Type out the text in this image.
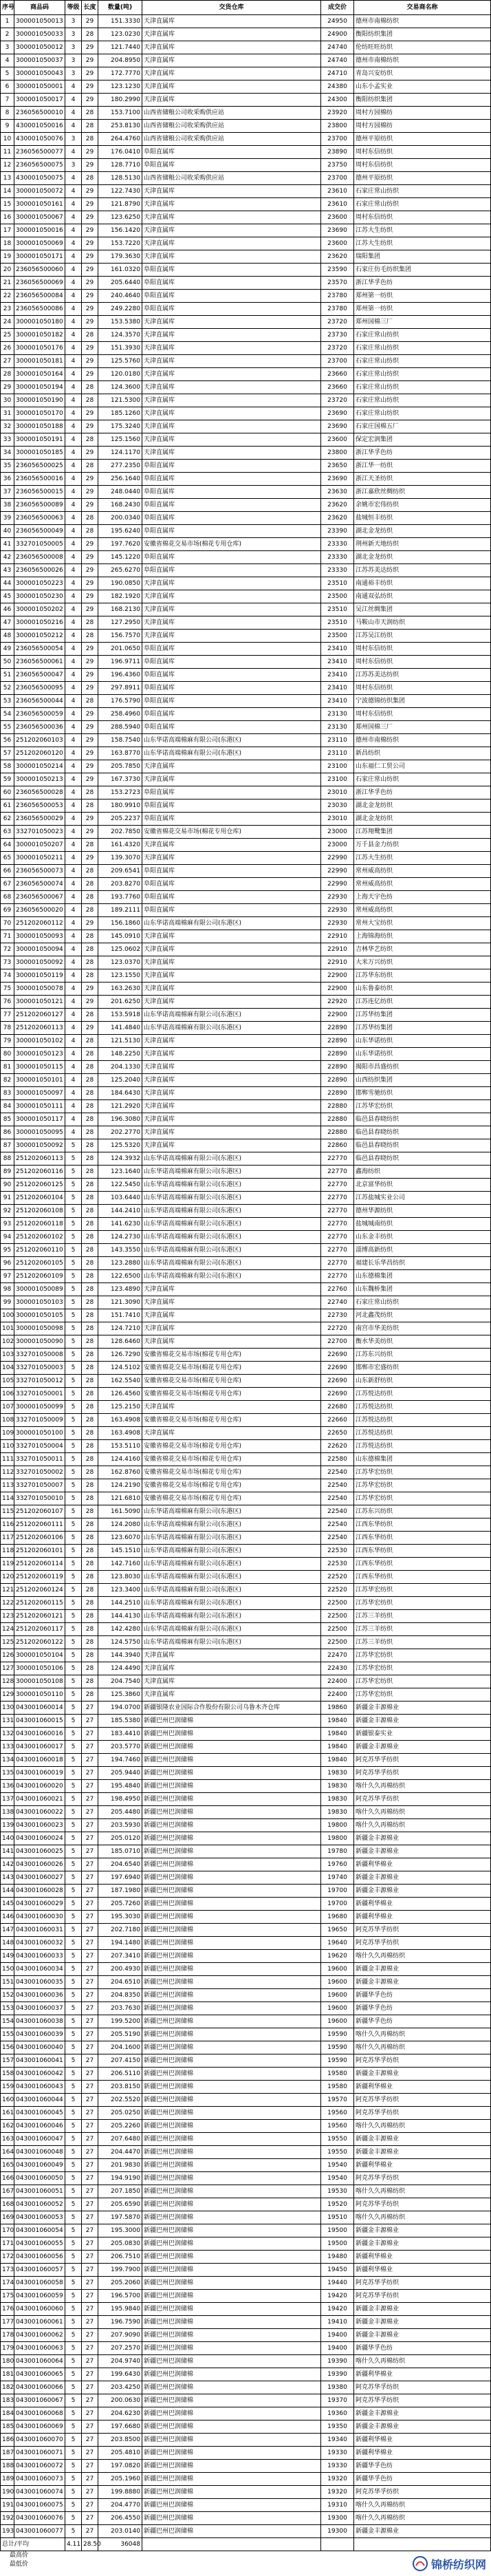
序号	商品码	等级	长度	数量(吨)	交货仓库	成交价	交易商名称
1	300001050013	3	29	151.3330	天津直属库	24950	德州市南棉纺织
2	300001050033	3	28	123.0230	天津直属库	24900	衡阳纺织集团
3	300001050012	3	29	121.7440	天津直属库	24740	伦纺旺旺纺织
4	300001050037	3	29	204.8950	天津直属库	24740	德州市南棉纺织
5	300001050043	3	29	172.7770	天津直属库	24710	青岛兴安纺织
6	300001050001	4	29	123.1230	天津直属库	24380	山东小孟实业
7	300001050017	4	29	180.2990	天津直属库	24300	衡阳纺织集团
8	236056500010	4	28	153.7100	山西省储粮公司收采购供应站	23920	周村方园棉纺
9	430001050016	4	28	253.8130	山西省储粮公司收采购供应站	23800	周村方园棉纺
10	430001050076	3	28	264.4760	山西省储粮公司收采购供应站	23700	德州平原纺织
11	236056500077	4	29	176.0410	阜阳直属库	23890	周村东信纺织
12	236056500075	3	29	128.7710	阜阳直属库	23750	周村东信纺织
13	430001050075	4	28	128.5130	山西省储粮公司收采购供应站	23700	德州平原纺织
14	300001050072	4	29	122.7430	天津直属库	23610	石家庄常山纺织
15	300001050161	4	29	121.8790	天津直属库	23610	石家庄常山纺织
16	300001050067	4	29	123.6250	天津直属库	23600	周村东信纺织
17	300001050016	4	29	156.1420	天津直属库	23690	江苏大生纺织
18	300001050069	4	29	153.7220	天津直属库	23600	江苏大生纺织
19	300001050171	4	29	179.3630	天津直属库	23620	瑞阳集团
20	236056500060	4	29	161.0320	阜阳直属库	23590	石家庄仿毛纺织集团
21	236056500069	4	29	205.6440	阜阳直属库	23570	浙江华孚色纺
22	236056500084	4	29	240.4640	阜阳直属库	23780	郑州第一纺织
23	236056500086	4	29	249.2280	阜阳直属库	23780	郑州第一纺织
24	300001050180	4	29	153.5380	天津直属库	23720	郑州国棉三厂
25	300001050182	4	28	124.3570	天津直属库	23730	石家庄常山纺织
26	300001050176	4	29	151.3930	天津直属库	23720	石家庄常山纺织
27	300001050181	4	29	125.5760	天津直属库	23700	石家庄常山纺织
28	300001050164	4	29	120.0180	天津直属库	23660	石家庄常山纺织
29	300001050194	4	28	124.3600	天津直属库	23660	石家庄常山纺织
30	300001050190	4	28	121.5300	天津直属库	23720	石家庄常山纺织
31	300001050170	4	29	185.1260	天津直属库	23690	石家庄常山纺织
32	300001050188	4	29	175.3240	天津直属库	23690	石家庄国棉五厂
33	300001050191	4	28	125.1560	天津直属库	23600	保定宏润集团
34	300001050185	4	29	124.1170	天津直属库	23800	浙江华孚色纺
35	236056500025	4	28	277.2350	阜阳直属库	23650	浙江华一纺织
36	236056500016	4	29	256.1640	阜阳直属库	23690	浙江天圣纺织
37	236056500015	4	29	248.0440	阜阳直属库	23630	浙江嘉欣丝绸纺织
38	236056500089	4	29	168.2430	阜阳直属库	23620	余姚市宏伟纺织
39	236056500063	4	28	200.0340	阜阳直属库	23620	盐城恒丰纺织
40	236056500049	4	28	195.6240	阜阳直属库	23390	湖北金龙纺织
41	332701050005	4	29	197.7620	安徽省棉花交易市场(棉花专用仓库)	23330	荆州新天地纺织
42	236056500008	4	29	145.1220	阜阳直属库	23330	湖北金龙纺织
43	236056500026	4	29	265.6270	阜阳直属库	23330	江苏苏美达纺织
44	300001050223	4	29	190.0850	天津直属库	23510	南通裕丰纺织
45	300001050230	4	29	182.1920	天津直属库	23500	南通双弘纺织
46	300001050202	4	29	168.2130	天津直属库	23510	吴江丝绸集团
47	300001050216	4	28	127.2950	天津直属库	23510	马鞍山市天润纺织
48	300001050212	4	28	156.7570	天津直属库	23500	江苏吴江纺织
49	236056500054	4	29	201.0650	阜阳直属库	23410	周村东信纺织
50	236056500061	4	29	196.9711	阜阳直属库	23410	周村东信纺织
51	236056500047	4	29	196.4360	阜阳直属库	23410	江苏苏美达纺织
52	236056500095	4	29	297.8911	阜阳直属库	23410	周村东信纺织
53	236056500044	4	28	176.5790	阜阳直属库	23410	宁波德锦纺织集团
54	236056500059	4	29	258.4960	阜阳直属库	23130	周村东信纺织
55	236056500036	4	29	288.5940	阜阳直属库	23130	郑州国棉三厂
56	251202060103	4	29	158.7540	山东华诺高端棉麻有限公司(东港区)	23110	德州市南棉纺织
57	251202060120	4	29	163.8770	山东华诺高端棉麻有限公司(东港区)	23110	新昌纺织
58	300001050214	4	29	205.7850	天津直属库	23100	山东福仁工贸公司
59	300001050213	4	29	167.3730	天津直属库	23100	石家庄常山纺织
60	236056500028	4	28	153.2723	阜阳直属库	23010	浙江华孚色纺
61	236056500053	4	28	180.9910	阜阳直属库	23030	湖北金龙纺织
62	236056500029	4	29	205.2237	阜阳直属库	23010	湖北金龙纺织
63	332701050023	4	29	202.7850	安徽省棉花交易市场(棉花专用仓库)	23000	江苏翔鹭集团
64	300001050207	4	28	161.4320	天津直属库	23000	万千县金力纺织
65	300001050211	4	29	139.3070	天津直属库	22990	江苏大生纺织
66	236056500073	4	28	209.6541	阜阳直属库	22990	常州威高纺织
67	236056500074	4	28	203.8270	阜阳直属库	22990	常州威高纺织
68	236056500067	4	28	193.7760	阜阳直属库	22930	上海天宇色纺
69	236056500020	4	28	189.2111	阜阳直属库	22930	常州威高纺织
70	251202060112	4	29	156.1860	山东华诺高端棉麻有限公司(东港区)	22930	常州大宝纺织
71	300001050093	4	28	145.0910	天津直属库	22910	上海锦海纺织
72	300001050094	4	28	125.0602	天津直属库	22910	吉林华艺纺织
73	300001050092	4	28	123.0370	天津直属库	22910	大米万兴纺织
74	300001050119	4	28	123.1550	天津直属库	22900	江苏华东纺织
75	300001050078	4	29	163.2630	天津直属库	22900	山东鲁泰纺织
76	300001050121	4	29	201.6250	天津直属库	22920	江苏连亿纺织
77	251202060127	4	28	153.5918	山东华诺高端棉麻有限公司(东港区)	22900	江苏华纺集团
78	251202060113	4	29	141.4840	山东华诺高端棉麻有限公司(东港区)	22890	江苏华纺集团
79	300001050102	4	28	121.5130	天津直属库	22890	山东华诺纺织
80	300001050123	4	28	148.2250	天津直属库	22890	山东华诺纺织
81	300001050115	4	28	204.1330	天津直属库	22890	揭阳市昌盛纺织
82	300001050101	4	28	125.2040	天津直属库	22890	山西纺织集团
83	300001050097	4	28	184.6430	天津直属库	22890	邯郸雪驰纺织
84	300001050111	4	28	121.2920	天津直属库	22880	江苏华宏纺织
85	300001050117	4	28	196.3080	天津直属库	22880	临邑县春晓纺织
86	300001050095	4	28	202.2770	天津直属库	22880	临邑县春晓纺织
87	300001050092	5	28	125.5320	天津直属库	22860	临邑县春晓纺织
88	251202060113	5	28	124.3932	山东华诺高端棉麻有限公司(东港区)	22770	临邑县春晓纺织
89	251202060116	5	28	123.1640	山东华诺高端棉麻有限公司(东港区)	22770	鑫海纺织
90	251202060125	5	28	122.5450	山东华诺高端棉麻有限公司(东港区)	22770	北京富华纺织
91	251202060104	5	28	103.6440	山东华诺高端棉麻有限公司(东港区)	22770	江苏盐城实业公司
92	251202060108	5	28	144.2410	山东华诺高端棉麻有限公司(东港区)	22770	德州华源纺织
93	251202060118	5	28	141.6230	山东华诺高端棉麻有限公司(东港区)	22770	盐城城南纺织
94	251202060102	5	28	124.2730	山东华诺高端棉麻有限公司(东港区)	22770	山东金丰纺织
95	251202060110	5	28	143.3550	山东华诺高端棉麻有限公司(东港区)	22770	淄博高新纺织
96	251202060105	5	28	123.2880	山东华诺高端棉麻有限公司(东港区)	22770	福建长乐华昌纺织
97	251202060109	5	28	122.6500	山东华诺高端棉麻有限公司(东港区)	22770	山东德棉集团
98	300001050089	5	28	123.4890	天津直属库	22760	山东魏桥集团
99	300001050103	5	28	121.3090	天津直属库	22740	石家庄常山纺织
100	300001050105	5	28	151.7410	天津直属库	22730	河北鑫茂纺织
101	300001050098	5	28	124.7210	天津直属库	22720	南宫市华美纺织
102	300001050090	5	28	128.6460	天津直属库	22700	衡水华美纺织
103	332701050008	5	28	126.7290	安徽省棉花交易市场(棉花专用仓库)	22690	江苏东兴纺织
104	332701050003	5	28	124.5102	安徽省棉花交易市场(棉花专用仓库)	22690	邯郸市宏盛纺织
105	332701050012	5	28	162.5540	安徽省棉花交易市场(棉花专用仓库)	22690	山东新舒纺织
106	332701050001	5	28	126.4560	安徽省棉花交易市场(棉花专用仓库)	22690	江苏悦达纺织
107	300001050099	5	28	125.2150	天津直属库	22680	江苏悦达纺织
108	332701050009	5	28	163.4908	安徽省棉花交易市场(棉花专用仓库)	22660	江苏悦达纺织
109	300001050100	5	28	163.4908	天津直属库	22650	江苏悦达纺织
110	332701050004	5	28	153.5110	安徽省棉花交易市场(棉花专用仓库)	22620	江苏悦达纺织
111	332701050011	5	28	124.4160	安徽省棉花交易市场(棉花专用仓库)	22580	山东德棉集团
112	332701050002	5	28	162.8760	安徽省棉花交易市场(棉花专用仓库)	22540	江苏华宏纺织
113	332701050007	5	28	124.2190	安徽省棉花交易市场(棉花专用仓库)	22540	江苏华宏纺织
114	332701050010	5	28	121.6810	安徽省棉花交易市场(棉花专用仓库)	22540	江苏华宏纺织
115	251202060107	5	28	161.5090	山东华诺高端棉麻有限公司(东港区)	22540	江苏东兴纺织
116	251202060111	5	28	124.2080	山东华诺高端棉麻有限公司(东港区)	22540	江西东华纺织
117	251202060106	5	28	123.6070	山东华诺高端棉麻有限公司(东港区)	22540	江西东华纺织
118	251202060101	5	28	145.1510	山东华诺高端棉麻有限公司(东港区)	22530	江西东华纺织
119	251202060114	5	28	142.7160	山东华诺高端棉麻有限公司(东港区)	22530	江西东华纺织
120	251202060119	5	28	123.8030	山东华诺高端棉麻有限公司(东港区)	22520	江西东华纺织
121	251202060124	5	28	123.3400	山东华诺高端棉麻有限公司(东港区)	22520	江苏华宏纺织
122	251202060115	5	28	144.2510	山东华诺高端棉麻有限公司(东港区)	22500	江苏华宏纺织
123	251202060121	5	28	144.4130	山东华诺高端棉麻有限公司(东港区)	22500	江苏三羊纺织
124	251202060117	5	28	142.4280	山东华诺高端棉麻有限公司(东港区)	22500	江苏三羊纺织
125	251202060122	5	28	124.5750	山东华诺高端棉麻有限公司(东港区)	22500	江苏三羊纺织
126	300001050104	5	28	144.3940	天津直属库	22470	江苏华宏纺织
127	300001050106	5	28	124.4490	天津直属库	22430	江苏华宏纺织
128	300001050108	5	28	204.7540	天津直属库	22400	江苏华宏纺织
129	300001050110	5	28	125.3860	天津直属库	22400	江苏华宏纺织
130	043001060014	5	27	194.0700	新疆银隆农业国际合作股份有限公司乌鲁木齐仓库	19860	新疆金丰源棉业
131	043001060015	5	27	185.5380	新疆巴州巴润储棉	19840	新疆金丰源棉业
132	043001060016	5	27	183.4410	新疆巴州巴润储棉	19840	新疆银泰实业
133	043001060017	5	27	203.5770	新疆巴州巴润储棉	19840	新疆金丰源棉业
134	043001060018	5	27	194.7460	新疆巴州巴润储棉	19840	阿克苏华孚纺织
135	043001060019	5	27	205.9440	新疆巴州巴润储棉	19830	阿克苏华孚纺织
136	043001060020	5	27	195.4840	新疆巴州巴润储棉	19830	喀什久久再棉纺织
137	043001060021	5	27	198.4950	新疆巴州巴润储棉	19830	阿克苏华孚纺织
138	043001060022	5	27	205.4480	新疆巴州巴润储棉	19830	喀什久久再棉纺织
139	043001060023	5	27	203.5930	新疆巴州巴润储棉	19800	喀什久久再棉纺织
140	043001060024	5	27	205.0120	新疆巴州巴润储棉	19800	新疆金丰源棉业
141	043001060025	5	27	185.0710	新疆巴州巴润储棉	19780	新疆金丰源棉业
142	043001060026	5	27	204.6540	新疆巴州巴润储棉	19760	新疆利华棉业
143	043001060027	5	27	197.6940	新疆巴州巴润储棉	19740	新疆金丰源棉业
144	043001060028	5	27	187.1980	新疆巴州巴润储棉	19700	新疆金丰源棉业
145	043001060029	5	27	205.7260	新疆巴州巴润储棉	19700	新疆利华棉业
146	043001060030	5	27	195.3030	新疆巴州巴润储棉	19680	新疆利华棉业
147	043001060031	5	27	202.7180	新疆巴州巴润储棉	19650	阿克苏华孚纺织
148	043001060032	5	27	194.1480	新疆巴州巴润储棉	19640	阿克苏华孚纺织
149	043001060033	5	27	207.3410	新疆巴州巴润储棉	19620	喀什久久再棉纺织
150	043001060034	5	27	200.4930	新疆巴州巴润储棉	19600	新疆金丰源棉业
151	043001060035	5	27	204.6510	新疆巴州巴润储棉	19600	新疆金丰源棉业
152	043001060036	5	27	204.8350	新疆巴州巴润储棉	19600	新疆华孚色纺
153	043001060037	5	27	203.7630	新疆巴州巴润储棉	19600	新疆华孚色纺
154	043001060038	5	27	199.5200	新疆巴州巴润储棉	19600	新疆华孚色纺
155	043001060039	5	27	205.5190	新疆巴州巴润储棉	19590	喀什久久再棉纺织
156	043001060040	5	27	204.1600	新疆巴州巴润储棉	19590	喀什久久再棉纺织
157	043001060041	5	27	207.4150	新疆巴州巴润储棉	19590	阿克苏华孚纺织
158	043001060042	5	27	206.5110	新疆巴州巴润储棉	19580	新疆金丰源棉业
159	043001060043	5	27	203.8150	新疆巴州巴润储棉	19580	新疆利华棉业
160	043001060044	5	27	202.5520	新疆巴州巴润储棉	19570	阿克苏华孚纺织
161	043001060045	5	27	205.0250	新疆巴州巴润储棉	19560	阿克苏华孚纺织
162	043001060046	5	27	205.2260	新疆巴州巴润储棉	19560	喀什久久再棉纺织
163	043001060047	5	27	207.6480	新疆巴州巴润储棉	19550	新疆金丰源棉业
164	043001060048	5	27	204.4470	新疆巴州巴润储棉	19550	新疆金丰源棉业
165	043001060049	5	27	201.9830	新疆巴州巴润储棉	19540	新疆利华棉业
166	043001060050	5	27	194.9190	新疆巴州巴润储棉	19540	阿克苏华孚纺织
167	043001060051	5	27	207.1850	新疆巴州巴润储棉	19530	喀什久久再棉纺织
168	043001060052	5	27	205.6590	新疆巴州巴润储棉	19520	阿克苏华孚纺织
169	043001060053	5	27	197.5870	新疆巴州巴润储棉	19510	喀什久久再棉纺织
170	043001060054	5	27	195.3000	新疆巴州巴润储棉	19500	新疆金丰源棉业
171	043001060055	5	27	205.0830	新疆巴州巴润储棉	19500	新疆金丰源棉业
172	043001060056	5	27	206.7510	新疆巴州巴润储棉	19480	新疆利华棉业
173	043001060057	5	27	199.7900	新疆巴州巴润储棉	19450	新疆利华棉业
174	043001060058	5	27	205.2060	新疆巴州巴润储棉	19440	阿克苏华孚纺织
175	043001060059	5	27	196.5700	新疆巴州巴润储棉	19420	阿克苏华孚纺织
176	043001060060	5	27	195.9840	新疆巴州巴润储棉	19420	新疆金丰源棉业
177	043001060061	5	27	196.7590	新疆巴州巴润储棉	19410	新疆金丰源棉业
178	043001060062	5	27	207.9090	新疆巴州巴润储棉	19400	新疆金丰源棉业
179	043001060063	5	27	207.2570	新疆巴州巴润储棉	19400	新疆华孚色纺
180	043001060064	5	27	204.9740	新疆巴州巴润储棉	19390	喀什久久再棉纺织
181	043001060065	5	27	199.6430	新疆巴州巴润储棉	19390	新疆利华棉业
182	043001060066	5	27	203.4250	新疆巴州巴润储棉	19380	阿克苏华孚纺织
183	043001060067	5	27	200.0630	新疆巴州巴润储棉	19370	阿克苏华孚纺织
184	043001060068	5	27	204.6230	新疆巴州巴润储棉	19360	新疆金丰源棉业
185	043001060069	5	27	197.6680	新疆巴州巴润储棉	19350	新疆金丰源棉业
186	043001060070	5	27	203.8500	新疆巴州巴润储棉	19340	新疆利华棉业
187	043001060071	5	27	205.4810	新疆巴州巴润储棉	19330	新疆利华棉业
188	043001060072	5	27	197.0820	新疆巴州巴润储棉	19330	新疆华孚色纺
189	043001060073	5	27	205.1960	新疆巴州巴润储棉	19320	新疆华孚色纺
190	043001060074	5	27	199.8880	新疆巴州巴润储棉	19320	阿克苏华孚纺织
191	043001060075	5	27	204.4770	新疆巴州巴润储棉	19310	喀什久久再棉纺织
192	043001060076	5	27	206.4550	新疆巴州巴润储棉	19300	喀什久久再棉纺织
193	043001060077	5	27	203.0140	新疆巴州巴润储棉	19300	新疆金丰源棉业
总计/平均		4.11	28.50	36048			
最高价
最低价	锦桥纺织网
